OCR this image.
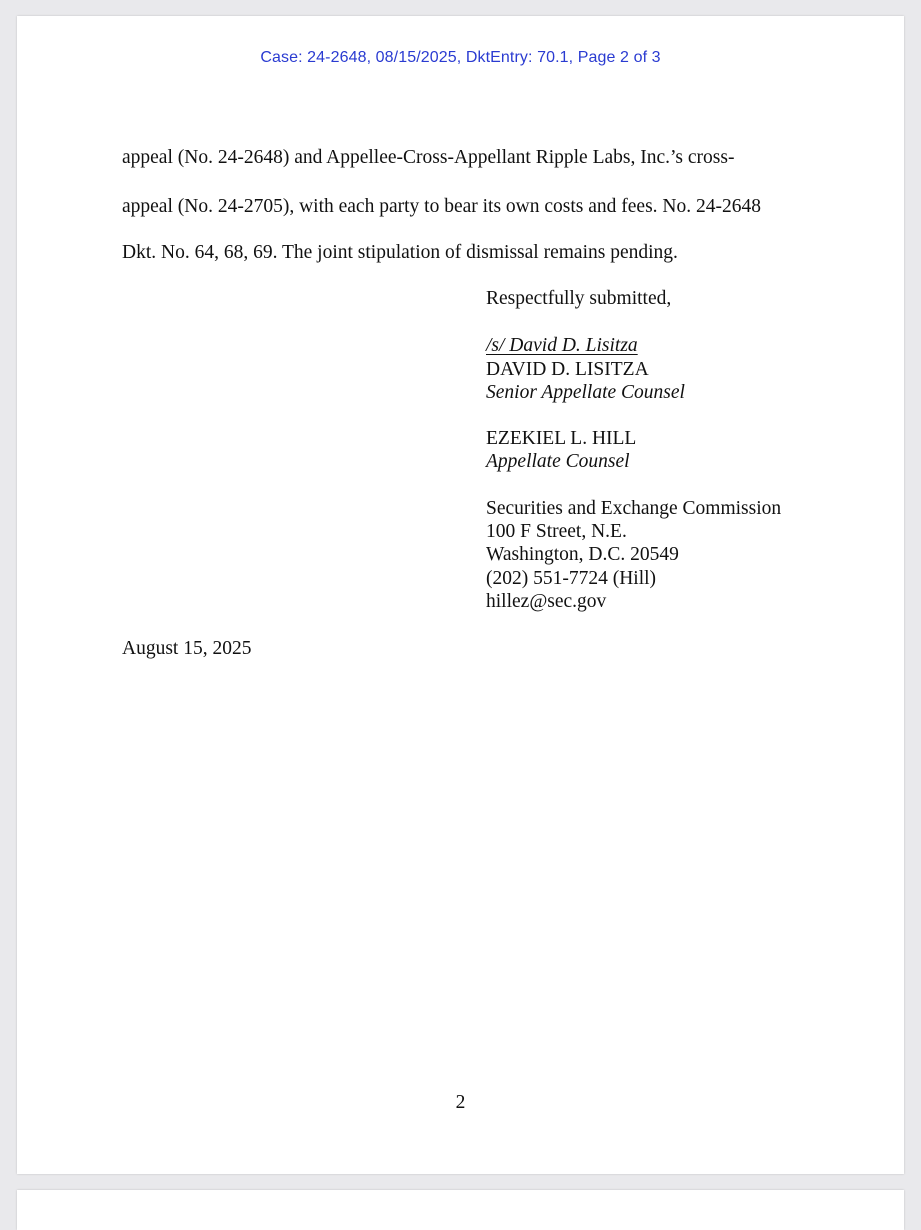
Case: 24-2648, 08/15/2025, DktEntry: 70.1, Page 2 of 3
appeal (No. 24-2648) and Appellee-Cross-Appellant Ripple Labs, Inc.’s cross-
appeal (No. 24-2705), with each party to bear its own costs and fees. No. 24-2648
Dkt. No. 64, 68, 69. The joint stipulation of dismissal remains pending.
Respectfully submitted,
/s/ David D. Lisitza
DAVID D. LISITZA
Senior Appellate Counsel
EZEKIEL L. HILL
Appellate Counsel
Securities and Exchange Commission
100 F Street, N.E.
Washington, D.C. 20549
(202) 551-7724 (Hill)
hillez@sec.gov
August 15, 2025
2
